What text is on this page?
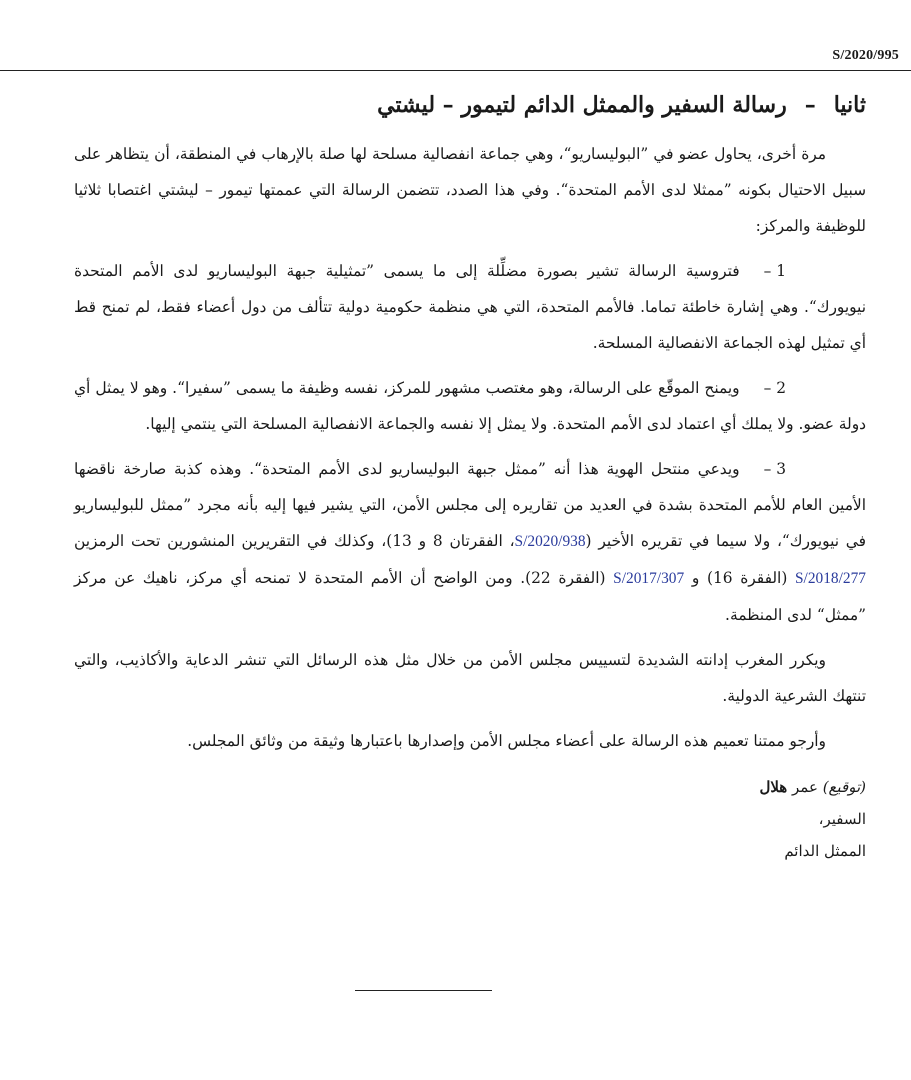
S/2020/995
ثانيا
–
رسالة السفير والممثل الدائم لتيمور – ليشتي

مرة أخرى، يحاول عضو في ”البوليساريو“، وهي جماعة انفصالية مسلحة لها صلة بالإرهاب في المنطقة، أن يتظاهر على سبيل الاحتيال بكونه ”ممثلا لدى الأمم المتحدة“. وفي هذا الصدد، تتضمن الرسالة التي عممتها تيمور – ليشتي اغتصابا ثلاثيا للوظيفة والمركز:

1 –فتروسية الرسالة تشير بصورة مضلِّلة إلى ما يسمى ”تمثيلية جبهة البوليساريو لدى الأمم المتحدة نيويورك“. وهي إشارة خاطئة تماما. فالأمم المتحدة، التي هي منظمة حكومية دولية تتألف من دول أعضاء فقط، لم تمنح قط أي تمثيل لهذه الجماعة الانفصالية المسلحة.

2 –ويمنح الموقّع على الرسالة، وهو مغتصب مشهور للمركز، نفسه وظيفة ما يسمى ”سفيرا“. وهو لا يمثل أي دولة عضو. ولا يملك أي اعتماد لدى الأمم المتحدة. ولا يمثل إلا نفسه والجماعة الانفصالية المسلحة التي ينتمي إليها.

3 –ويدعي منتحل الهوية هذا أنه ”ممثل جبهة البوليساريو لدى الأمم المتحدة“. وهذه كذبة صارخة ناقضها الأمين العام للأمم المتحدة بشدة في العديد من تقاريره إلى مجلس الأمن، التي يشير فيها إليه بأنه مجرد ”ممثل للبوليساريو في نيويورك“، ولا سيما في تقريره الأخير (S/2020/938، الفقرتان 8 و 13)، وكذلك في التقريرين المنشورين تحت الرمزين S/2018/277 (الفقرة 16) و S/2017/307 (الفقرة 22). ومن الواضح أن الأمم المتحدة لا تمنحه أي مركز، ناهيك عن مركز ”ممثل“ لدى المنظمة.

ويكرر المغرب إدانته الشديدة لتسييس مجلس الأمن من خلال مثل هذه الرسائل التي تنشر الدعاية والأكاذيب، والتي تنتهك الشرعية الدولية.

وأرجو ممتنا تعميم هذه الرسالة على أعضاء مجلس الأمن وإصدارها باعتبارها وثيقة من وثائق المجلس.

(توقيع) عمر هلال
السفير،
الممثل الدائم
